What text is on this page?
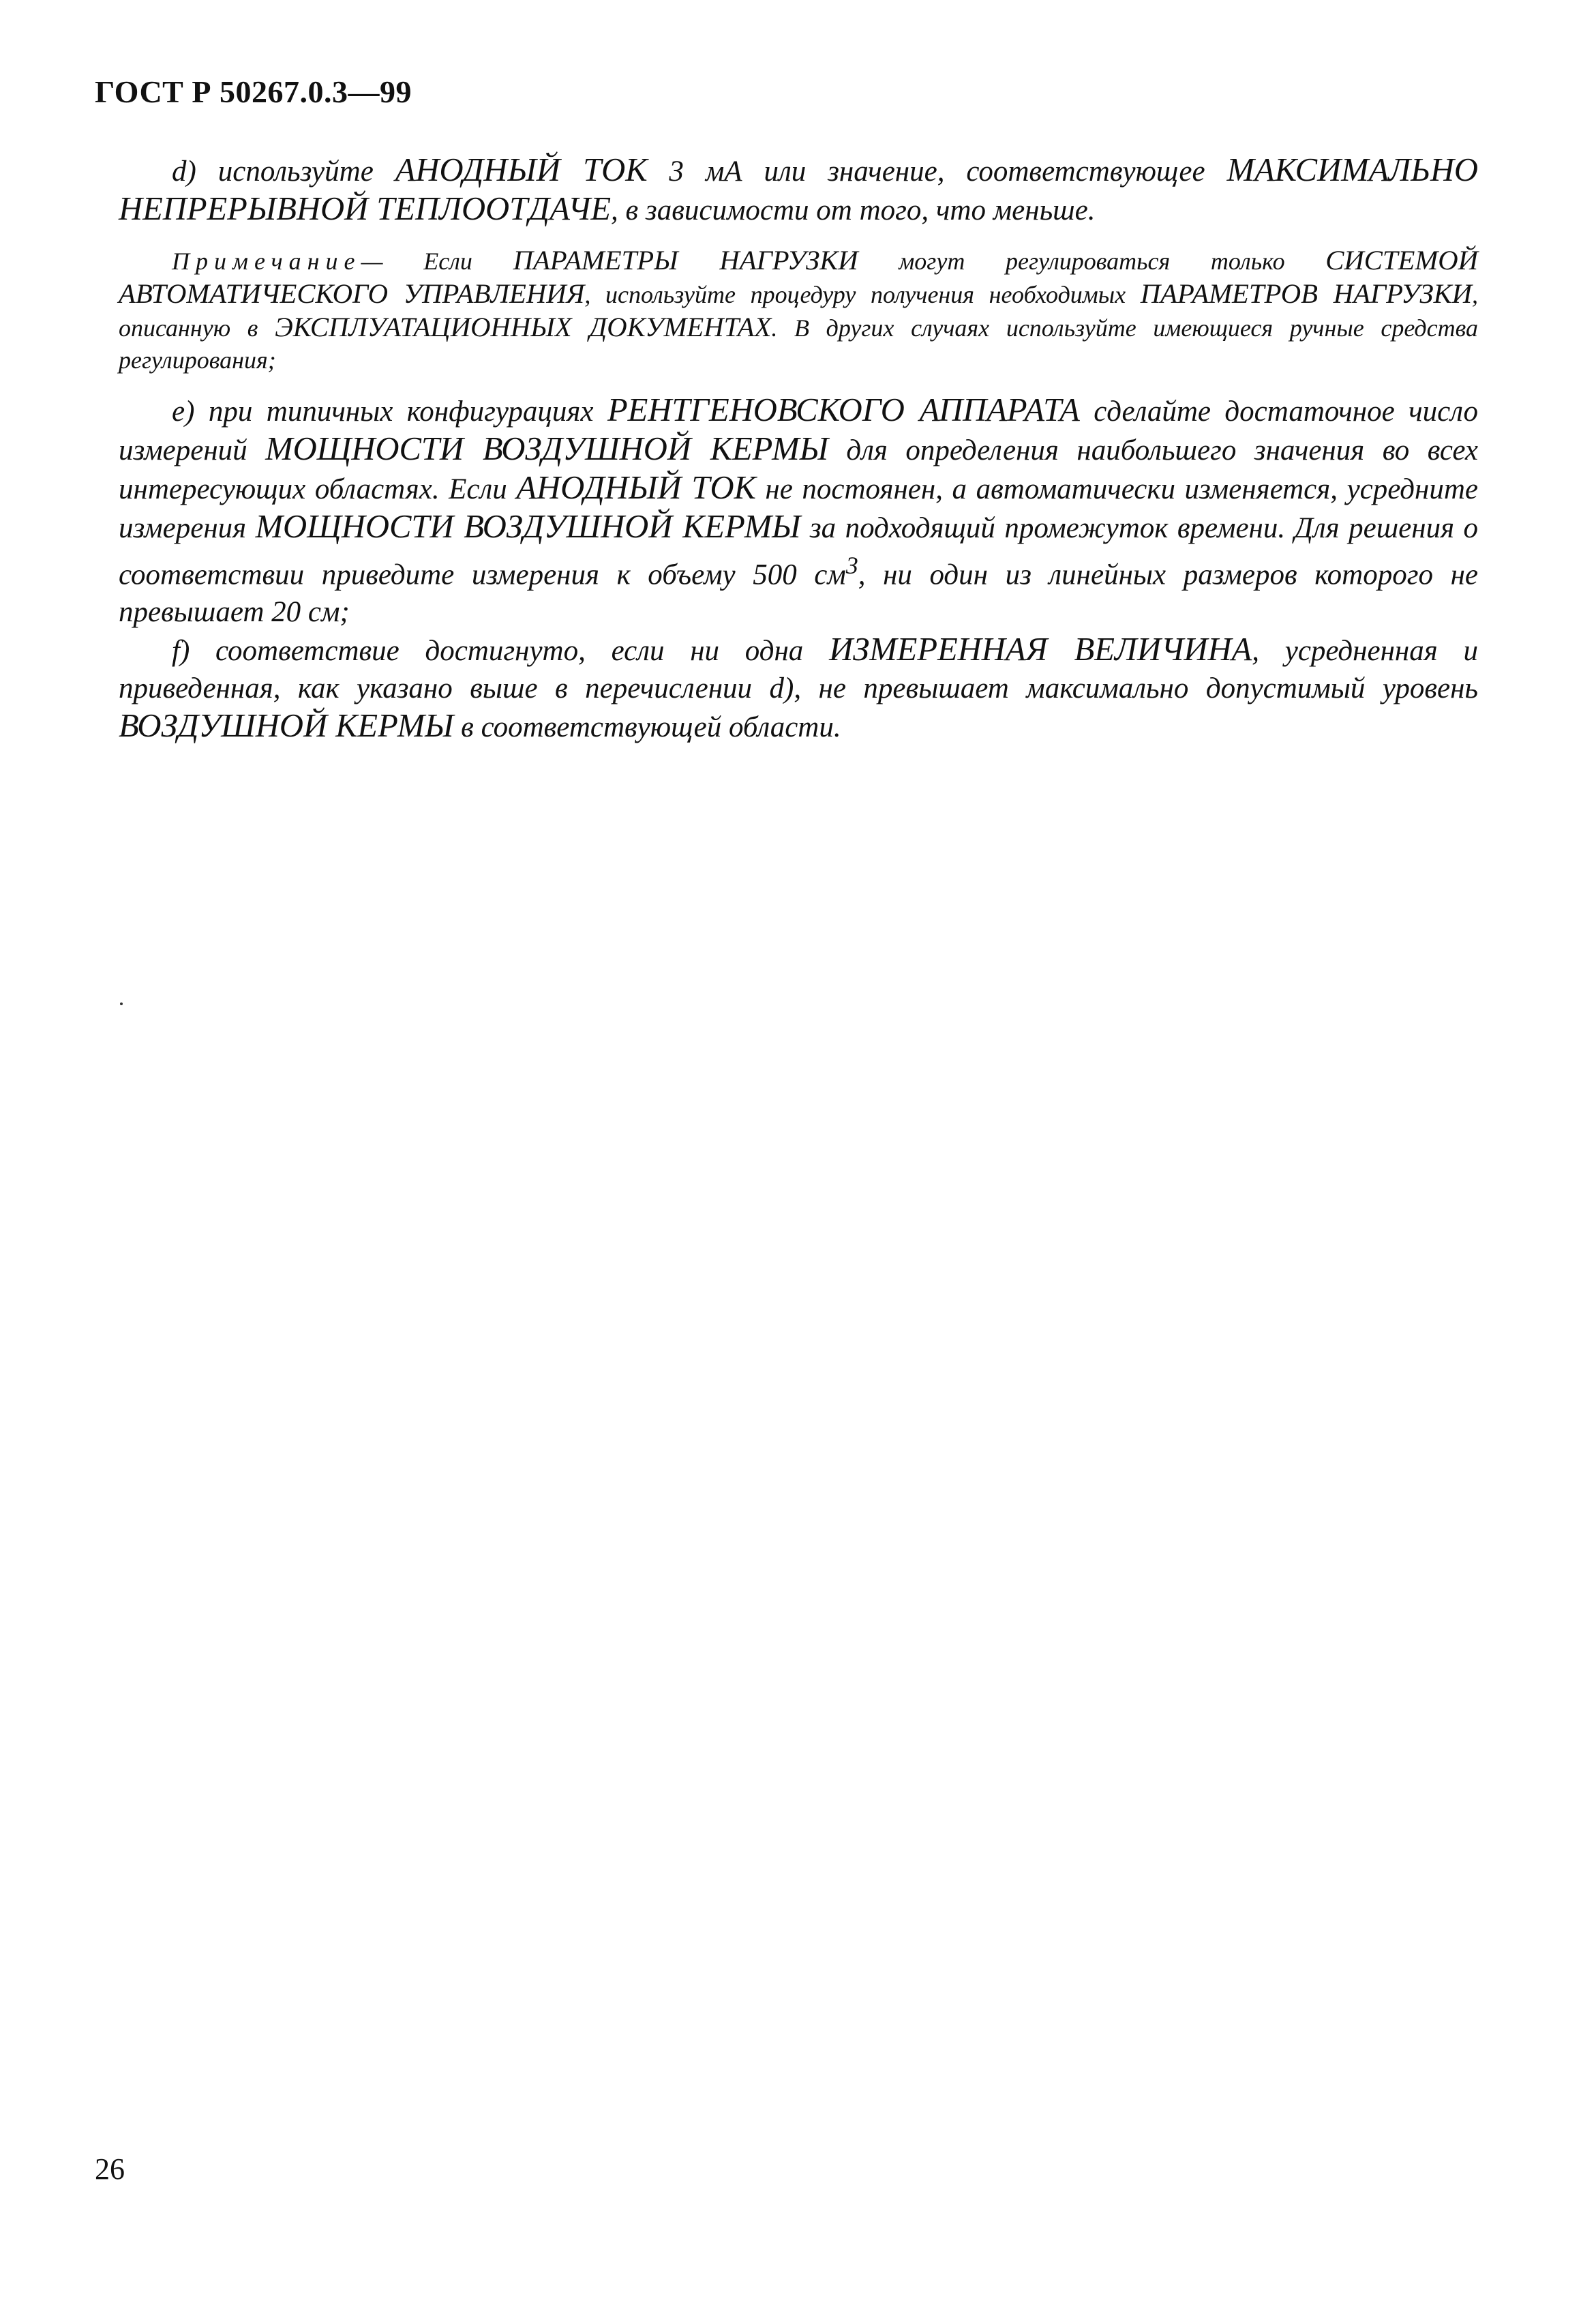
ГОСТ Р 50267.0.3—99

d) используйте АНОДНЫЙ ТОК 3 мА или значение, соответствующее МАКСИМАЛЬНО НЕПРЕРЫВНОЙ ТЕПЛООТДАЧЕ, в зависимости от того, что меньше.

Примечание— Если ПАРАМЕТРЫ НАГРУЗКИ могут регулироваться только СИСТЕМОЙ АВТОМАТИЧЕСКОГО УПРАВЛЕНИЯ, используйте процедуру получения необходимых ПАРАМЕТРОВ НАГРУЗКИ, описанную в ЭКСПЛУАТАЦИОННЫХ ДОКУМЕНТАХ. В других случаях используйте имеющиеся ручные средства регулирования;

e) при типичных конфигурациях РЕНТГЕНОВСКОГО АППАРАТА сделайте достаточное число измерений МОЩНОСТИ ВОЗДУШНОЙ КЕРМЫ для определения наибольшего значения во всех интересующих областях. Если АНОДНЫЙ ТОК не постоянен, а автоматически изменяется, усредните измерения МОЩНОСТИ ВОЗДУШНОЙ КЕРМЫ за подходящий промежуток времени. Для решения о соответствии приведите измерения к объему 500 $см^3$, ни один из линейных размеров которого не превышает 20 см;

f) соответствие достигнуто, если ни одна ИЗМЕРЕННАЯ ВЕЛИЧИНА, усредненная и приведенная, как указано выше в перечислении d), не превышает максимально допустимый уровень ВОЗДУШНОЙ КЕРМЫ в соответствующей области.

26
